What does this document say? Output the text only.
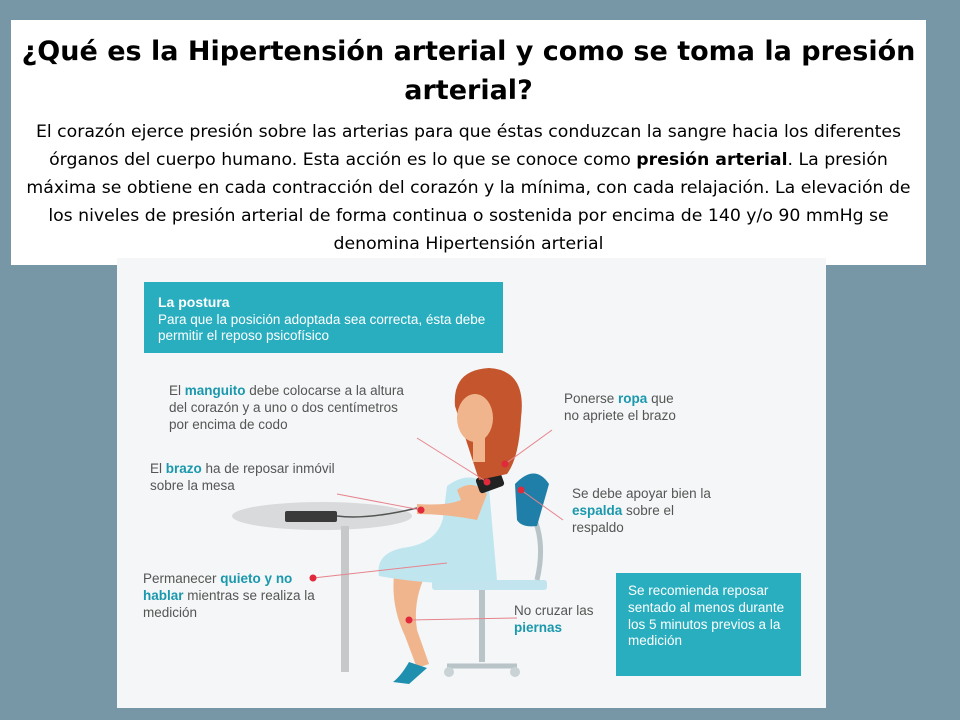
¿Qué es la Hipertensión arterial y como se toma la presión arterial?
El corazón ejerce presión sobre las arterias para que éstas conduzcan la sangre hacia los diferentes órganos del cuerpo humano. Esta acción es lo que se conoce como presión arterial. La presión máxima se obtiene en cada contracción del corazón y la mínima, con cada relajación. La elevación de los niveles de presión arterial de forma continua o sostenida por encima de 140 y/o 90 mmHg se denomina Hipertensión arterial
La postura
Para que la posición adoptada sea correcta, ésta debe permitir el reposo psicofísico
El manguito debe colocarse a la altura del corazón y a uno o dos centímetros por encima de codo
El brazo ha de reposar inmóvil sobre la mesa
Permanecer quieto y no hablar mientras se realiza la medición
Ponerse ropa que no apriete el brazo
Se debe apoyar bien la espalda sobre el respaldo
No cruzar las piernas
Se recomienda reposar sentado al menos durante los 5 minutos previos a la medición
